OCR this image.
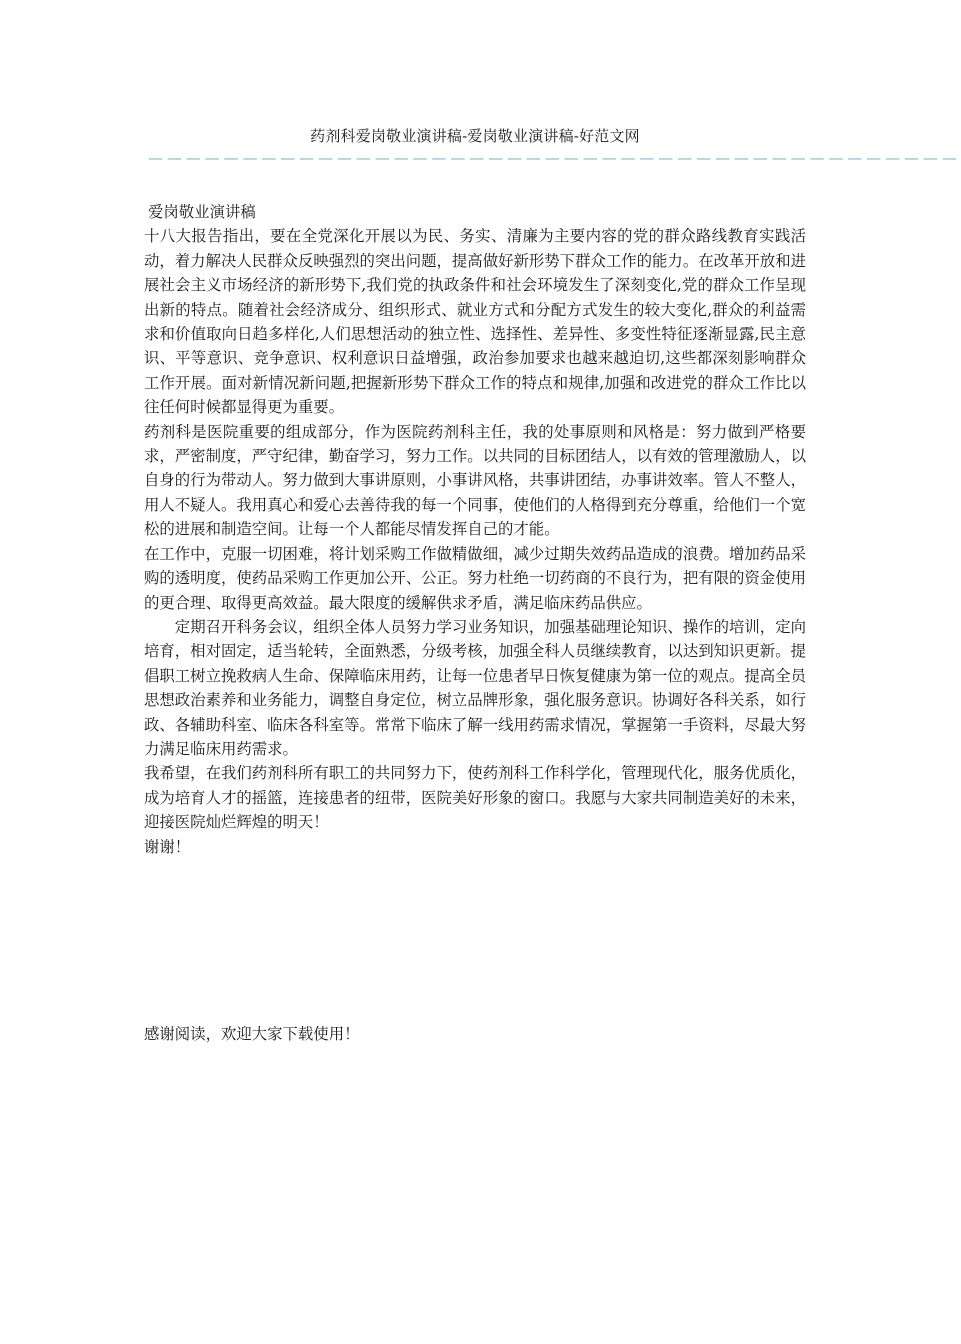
药剂科爱岗敬业演讲稿-爱岗敬业演讲稿-好范文网
———————————————————————————————————————————

爱岗敬业演讲稿

十八大报告指出，要在全党深化开展以为民、务实、清廉为主要内容的党的群众路线教育实践活动，着力解决人民群众反映强烈的突出问题，提高做好新形势下群众工作的能力。在改革开放和进展社会主义市场经济的新形势下,我们党的执政条件和社会环境发生了深刻变化,党的群众工作呈现出新的特点。随着社会经济成分、组织形式、就业方式和分配方式发生的较大变化,群众的利益需求和价值取向日趋多样化,人们思想活动的独立性、选择性、差异性、多变性特征逐渐显露,民主意识、平等意识、竞争意识、权利意识日益增强，政治参加要求也越来越迫切,这些都深刻影响群众工作开展。面对新情况新问题,把握新形势下群众工作的特点和规律,加强和改进党的群众工作比以往任何时候都显得更为重要。

药剂科是医院重要的组成部分，作为医院药剂科主任，我的处事原则和风格是：努力做到严格要求，严密制度，严守纪律，勤奋学习，努力工作。以共同的目标团结人，以有效的管理激励人，以自身的行为带动人。努力做到大事讲原则，小事讲风格，共事讲团结，办事讲效率。管人不整人，用人不疑人。我用真心和爱心去善待我的每一个同事，使他们的人格得到充分尊重，给他们一个宽松的进展和制造空间。让每一个人都能尽情发挥自己的才能。

在工作中，克服一切困难，将计划采购工作做精做细，减少过期失效药品造成的浪费。增加药品采购的透明度，使药品采购工作更加公开、公正。努力杜绝一切药商的不良行为，把有限的资金使用的更合理、取得更高效益。最大限度的缓解供求矛盾，满足临床药品供应。

定期召开科务会议，组织全体人员努力学习业务知识，加强基础理论知识、操作的培训，定向培育，相对固定，适当轮转，全面熟悉，分级考核，加强全科人员继续教育，以达到知识更新。提倡职工树立挽救病人生命、保障临床用药，让每一位患者早日恢复健康为第一位的观点。提高全员思想政治素养和业务能力，调整自身定位，树立品牌形象，强化服务意识。协调好各科关系，如行政、各辅助科室、临床各科室等。常常下临床了解一线用药需求情况，掌握第一手资料，尽最大努力满足临床用药需求。

我希望，在我们药剂科所有职工的共同努力下，使药剂科工作科学化，管理现代化，服务优质化，成为培育人才的摇篮，连接患者的纽带，医院美好形象的窗口。我愿与大家共同制造美好的未来，迎接医院灿烂辉煌的明天！

谢谢！

感谢阅读，欢迎大家下载使用！
